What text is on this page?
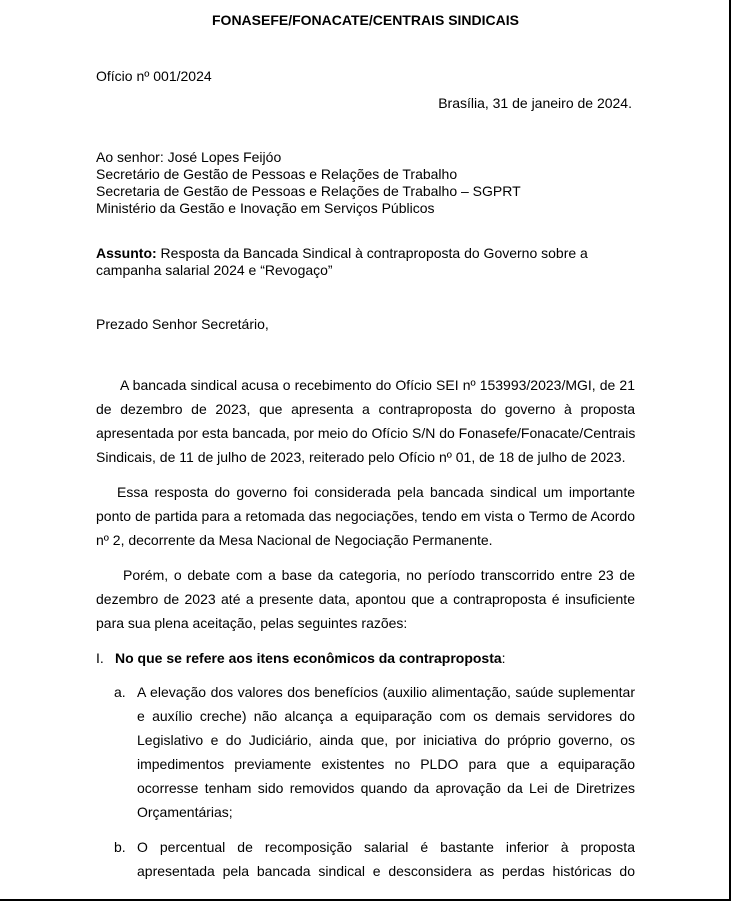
FONASEFE/FONACATE/CENTRAIS SINDICAIS
Ofício nº 001/2024
Brasília, 31 de janeiro de 2024.
Ao senhor: José Lopes Feijóo
Secretário de Gestão de Pessoas e Relações de Trabalho
Secretaria de Gestão de Pessoas e Relações de Trabalho – SGPRT
Ministério da Gestão e Inovação em Serviços Públicos
Assunto: Resposta da Bancada Sindical à contraproposta do Governo sobre a
campanha salarial 2024 e “Revogaço”
Prezado Senhor Secretário,
A bancada sindical acusa o recebimento do Ofício SEI nº 153993/2023/MGI, de 21
de dezembro de 2023, que apresenta a contraproposta do governo à proposta
apresentada por esta bancada, por meio do Ofício S/N do Fonasefe/Fonacate/Centrais
Sindicais, de 11 de julho de 2023, reiterado pelo Ofício nº 01, de 18 de julho de 2023.
Essa resposta do governo foi considerada pela bancada sindical um importante
ponto de partida para a retomada das negociações, tendo em vista o Termo de Acordo
nº 2, decorrente da Mesa Nacional de Negociação Permanente.
Porém, o debate com a base da categoria, no período transcorrido entre 23 de
dezembro de 2023 até a presente data, apontou que a contraproposta é insuficiente
para sua plena aceitação, pelas seguintes razões:
I. No que se refere aos itens econômicos da contraproposta:
a. A elevação dos valores dos benefícios (auxilio alimentação, saúde suplementar
e auxílio creche) não alcança a equiparação com os demais servidores do
Legislativo e do Judiciário, ainda que, por iniciativa do próprio governo, os
impedimentos previamente existentes no PLDO para que a equiparação
ocorresse tenham sido removidos quando da aprovação da Lei de Diretrizes
Orçamentárias;
b. O percentual de recomposição salarial é bastante inferior à proposta
apresentada pela bancada sindical e desconsidera as perdas históricas do
